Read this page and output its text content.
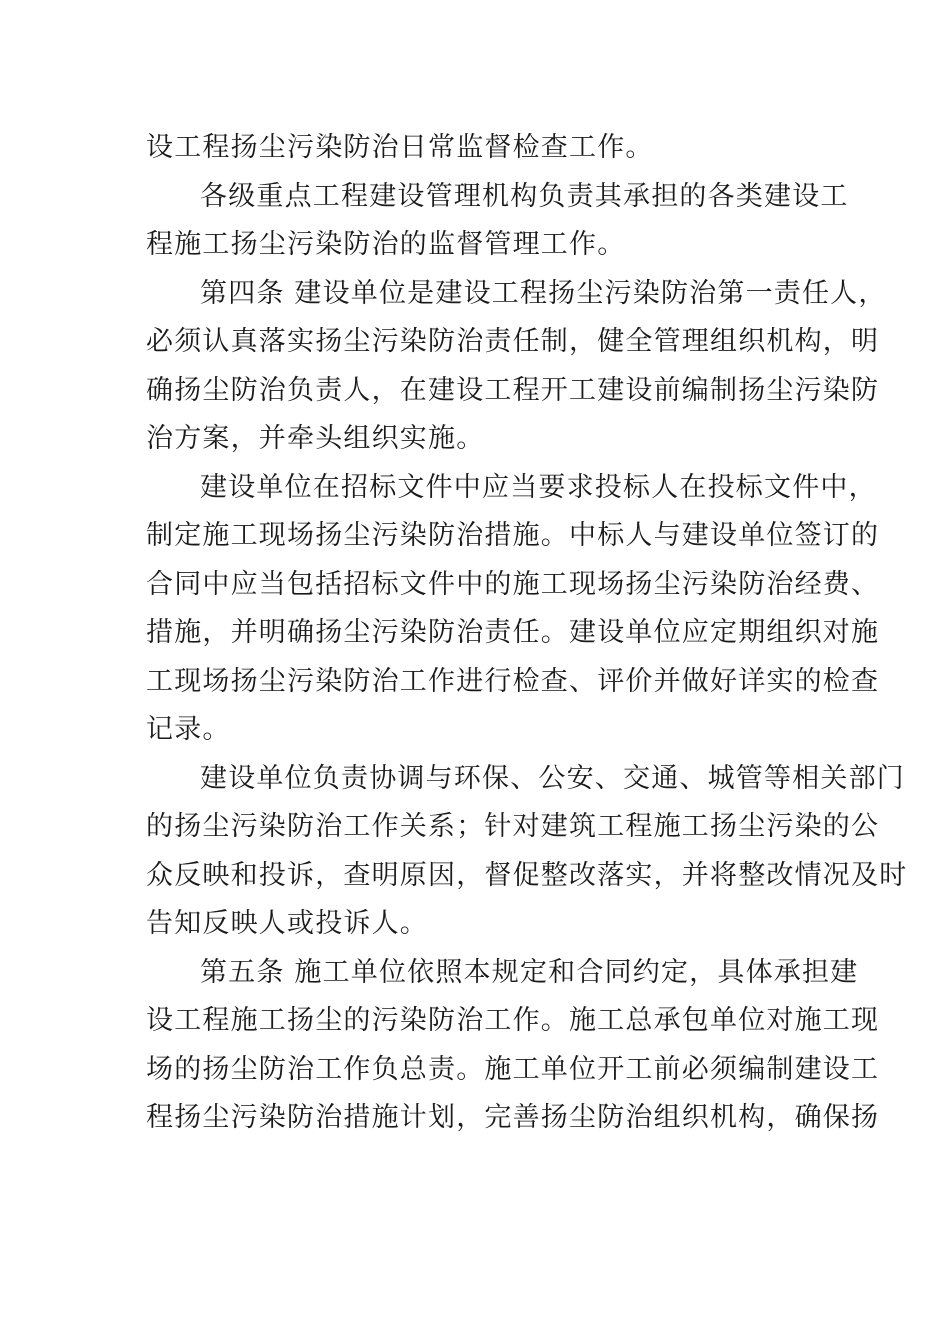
设工程扬尘污染防治日常监督检查工作。
各级重点工程建设管理机构负责其承担的各类建设工
程施工扬尘污染防治的监督管理工作。
第四条 建设单位是建设工程扬尘污染防治第一责任人，
必须认真落实扬尘污染防治责任制，健全管理组织机构，明
确扬尘防治负责人，在建设工程开工建设前编制扬尘污染防
治方案，并牵头组织实施。
建设单位在招标文件中应当要求投标人在投标文件中，
制定施工现场扬尘污染防治措施。中标人与建设单位签订的
合同中应当包括招标文件中的施工现场扬尘污染防治经费、
措施，并明确扬尘污染防治责任。建设单位应定期组织对施
工现场扬尘污染防治工作进行检查、评价并做好详实的检查
记录。
建设单位负责协调与环保、公安、交通、城管等相关部门
的扬尘污染防治工作关系；针对建筑工程施工扬尘污染的公
众反映和投诉，查明原因，督促整改落实，并将整改情况及时
告知反映人或投诉人。
第五条 施工单位依照本规定和合同约定，具体承担建
设工程施工扬尘的污染防治工作。施工总承包单位对施工现
场的扬尘防治工作负总责。施工单位开工前必须编制建设工
程扬尘污染防治措施计划，完善扬尘防治组织机构，确保扬
